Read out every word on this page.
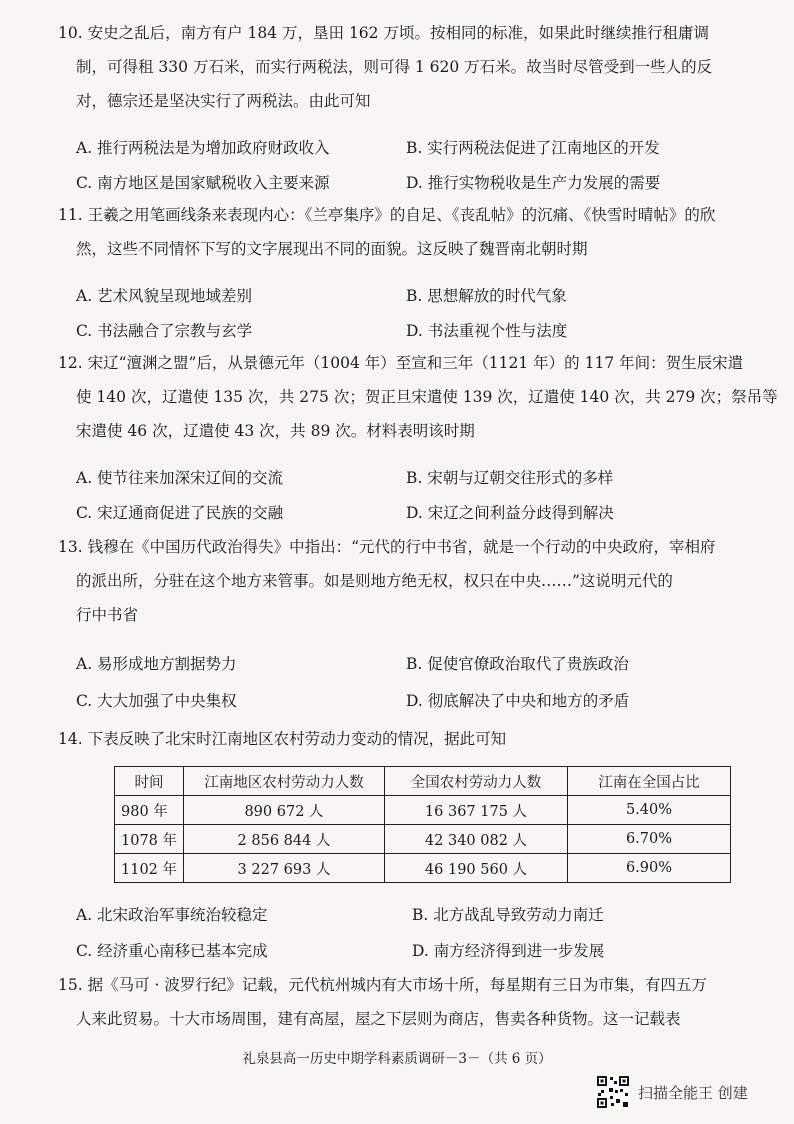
10. 安史之乱后，南方有户 184 万，垦田 162 万顷。按相同的标准，如果此时继续推行租庸调
制，可得租 330 万石米，而实行两税法，则可得 1 620 万石米。故当时尽管受到一些人的反
对，德宗还是坚决实行了两税法。由此可知
A. 推行两税法是为增加政府财政收入	B. 实行两税法促进了江南地区的开发
C. 南方地区是国家赋税收入主要来源	D. 推行实物税收是生产力发展的需要
11. 王羲之用笔画线条来表现内心：《兰亭集序》的自足、《丧乱帖》的沉痛、《快雪时晴帖》的欣
然，这些不同情怀下写的文字展现出不同的面貌。这反映了魏晋南北朝时期
A. 艺术风貌呈现地域差别	B. 思想解放的时代气象
C. 书法融合了宗教与玄学	D. 书法重视个性与法度
12. 宋辽“澶渊之盟”后，从景德元年（1004 年）至宣和三年（1121 年）的 117 年间：贺生辰宋遣
使 140 次，辽遣使 135 次，共 275 次；贺正旦宋遣使 139 次，辽遣使 140 次，共 279 次；祭吊等
宋遣使 46 次，辽遣使 43 次，共 89 次。材料表明该时期
A. 使节往来加深宋辽间的交流	B. 宋朝与辽朝交往形式的多样
C. 宋辽通商促进了民族的交融	D. 宋辽之间利益分歧得到解决
13. 钱穆在《中国历代政治得失》中指出：“元代的行中书省，就是一个行动的中央政府，宰相府
的派出所，分驻在这个地方来管事。如是则地方绝无权，权只在中央……”这说明元代的
行中书省
A. 易形成地方割据势力	B. 促使官僚政治取代了贵族政治
C. 大大加强了中央集权	D. 彻底解决了中央和地方的矛盾
14. 下表反映了北宋时江南地区农村劳动力变动的情况，据此可知
时间	江南地区农村劳动力人数	全国农村劳动力人数	江南在全国占比
980 年	890 672 人	16 367 175 人	5.40%
1078 年	2 856 844 人	42 340 082 人	6.70%
1102 年	3 227 693 人	46 190 560 人	6.90%
A. 北宋政治军事统治较稳定	B. 北方战乱导致劳动力南迁
C. 经济重心南移已基本完成	D. 南方经济得到进一步发展
15. 据《马可 · 波罗行纪》记载，元代杭州城内有大市场十所，每星期有三日为市集，有四五万
人来此贸易。十大市场周围，建有高屋，屋之下层则为商店，售卖各种货物。这一记载表
礼泉县高一历史中期学科素质调研－3－（共 6 页）
扫描全能王 创建
